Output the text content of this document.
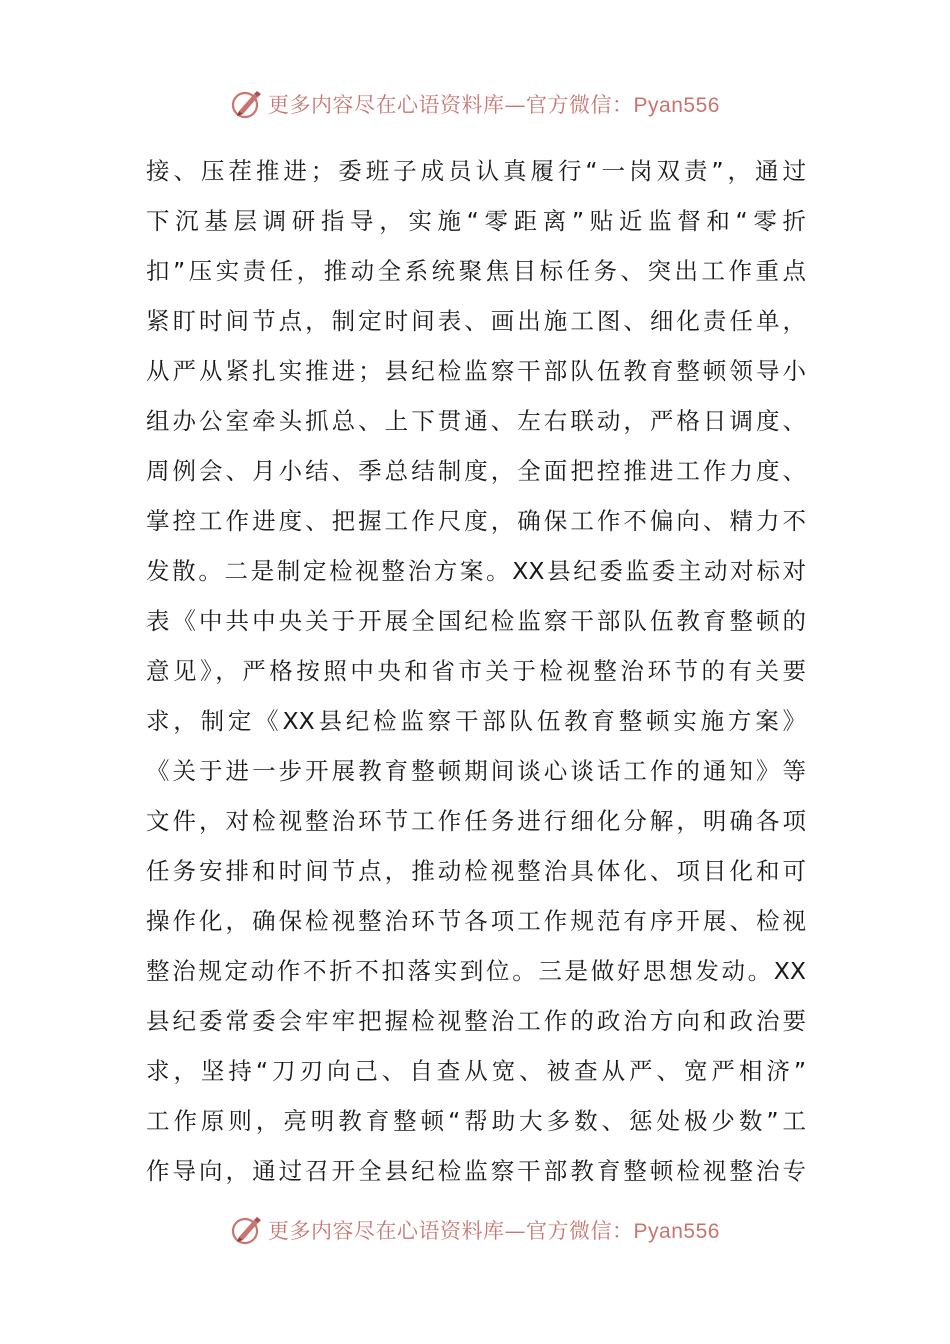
更多内容尽在心语资料库—官方微信：Pyan556
接、压茬推进；委班子成员认真履行“一岗双责”，通过
下沉基层调研指导，实施“零距离”贴近监督和“零折
扣”压实责任，推动全系统聚焦目标任务、突出工作重点
紧盯时间节点，制定时间表、画出施工图、细化责任单，
从严从紧扎实推进；县纪检监察干部队伍教育整顿领导小
组办公室牵头抓总、上下贯通、左右联动，严格日调度、
周例会、月小结、季总结制度，全面把控推进工作力度、
掌控工作进度、把握工作尺度，确保工作不偏向、精力不
发散。二是制定检视整治方案。XX县纪委监委主动对标对
表《中共中央关于开展全国纪检监察干部队伍教育整顿的
意见》，严格按照中央和省市关于检视整治环节的有关要
求，制定《XX县纪检监察干部队伍教育整顿实施方案》
《关于进一步开展教育整顿期间谈心谈话工作的通知》等
文件，对检视整治环节工作任务进行细化分解，明确各项
任务安排和时间节点，推动检视整治具体化、项目化和可
操作化，确保检视整治环节各项工作规范有序开展、检视
整治规定动作不折不扣落实到位。三是做好思想发动。XX
县纪委常委会牢牢把握检视整治工作的政治方向和政治要
求，坚持“刀刃向己、自查从宽、被查从严、宽严相济”
工作原则，亮明教育整顿“帮助大多数、惩处极少数”工
作导向，通过召开全县纪检监察干部教育整顿检视整治专
更多内容尽在心语资料库—官方微信：Pyan556
